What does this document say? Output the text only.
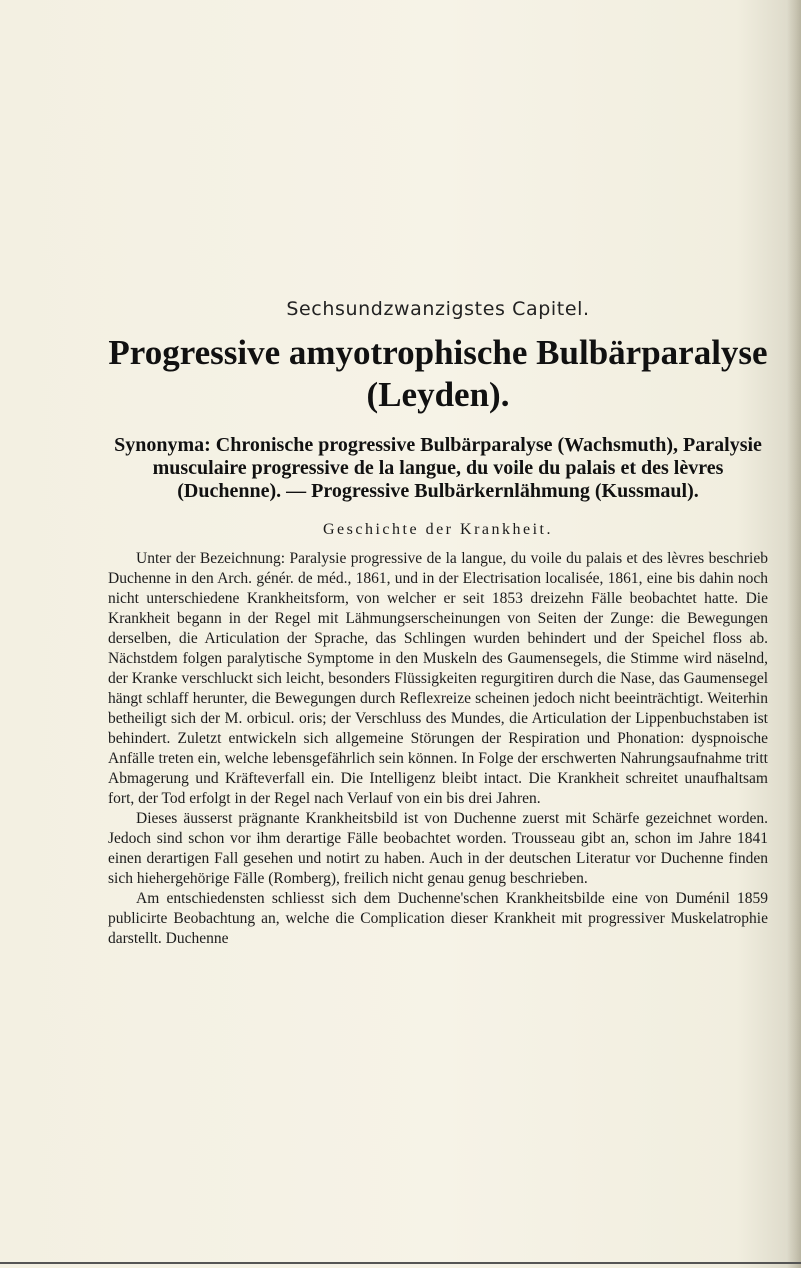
Sechsundzwanzigstes Capitel.
Progressive amyotrophische Bulbärparalyse
(Leyden).

Synonyma: Chronische progressive Bulbärparalyse (Wachsmuth), Paralysie musculaire progressive de la langue, du voile du palais et des lèvres (Duchenne). — Progressive Bulbärkernlähmung (Kussmaul).

Geschichte der Krankheit.

Unter der Bezeichnung: Paralysie progressive de la langue, du voile du palais et des lèvres beschrieb Duchenne in den Arch. génér. de méd., 1861, und in der Electrisation localisée, 1861, eine bis dahin noch nicht unterschiedene Krankheitsform, von welcher er seit 1853 dreizehn Fälle beobachtet hatte. Die Krankheit begann in der Regel mit Lähmungserscheinungen von Seiten der Zunge: die Bewegungen derselben, die Articulation der Sprache, das Schlingen wurden behindert und der Speichel floss ab. Nächstdem folgen paralytische Symptome in den Muskeln des Gaumensegels, die Stimme wird näselnd, der Kranke verschluckt sich leicht, besonders Flüssigkeiten regurgitiren durch die Nase, das Gaumensegel hängt schlaff herunter, die Bewegungen durch Reflexreize scheinen jedoch nicht beeinträchtigt. Weiterhin betheiligt sich der M. orbicul. oris; der Verschluss des Mundes, die Articulation der Lippenbuchstaben ist behindert. Zuletzt entwickeln sich allgemeine Störungen der Respiration und Phonation: dyspnoische Anfälle treten ein, welche lebensgefährlich sein können. In Folge der erschwerten Nahrungsaufnahme tritt Abmagerung und Kräfteverfall ein. Die Intelligenz bleibt intact. Die Krankheit schreitet unaufhaltsam fort, der Tod erfolgt in der Regel nach Verlauf von ein bis drei Jahren.

Dieses äusserst prägnante Krankheitsbild ist von Duchenne zuerst mit Schärfe gezeichnet worden. Jedoch sind schon vor ihm derartige Fälle beobachtet worden. Trousseau gibt an, schon im Jahre 1841 einen derartigen Fall gesehen und notirt zu haben. Auch in der deutschen Literatur vor Duchenne finden sich hiehergehörige Fälle (Romberg), freilich nicht genau genug beschrieben.

Am entschiedensten schliesst sich dem Duchenne'schen Krankheitsbilde eine von Duménil 1859 publicirte Beobachtung an, welche die Complication dieser Krankheit mit progressiver Muskelatrophie darstellt. Duchenne
